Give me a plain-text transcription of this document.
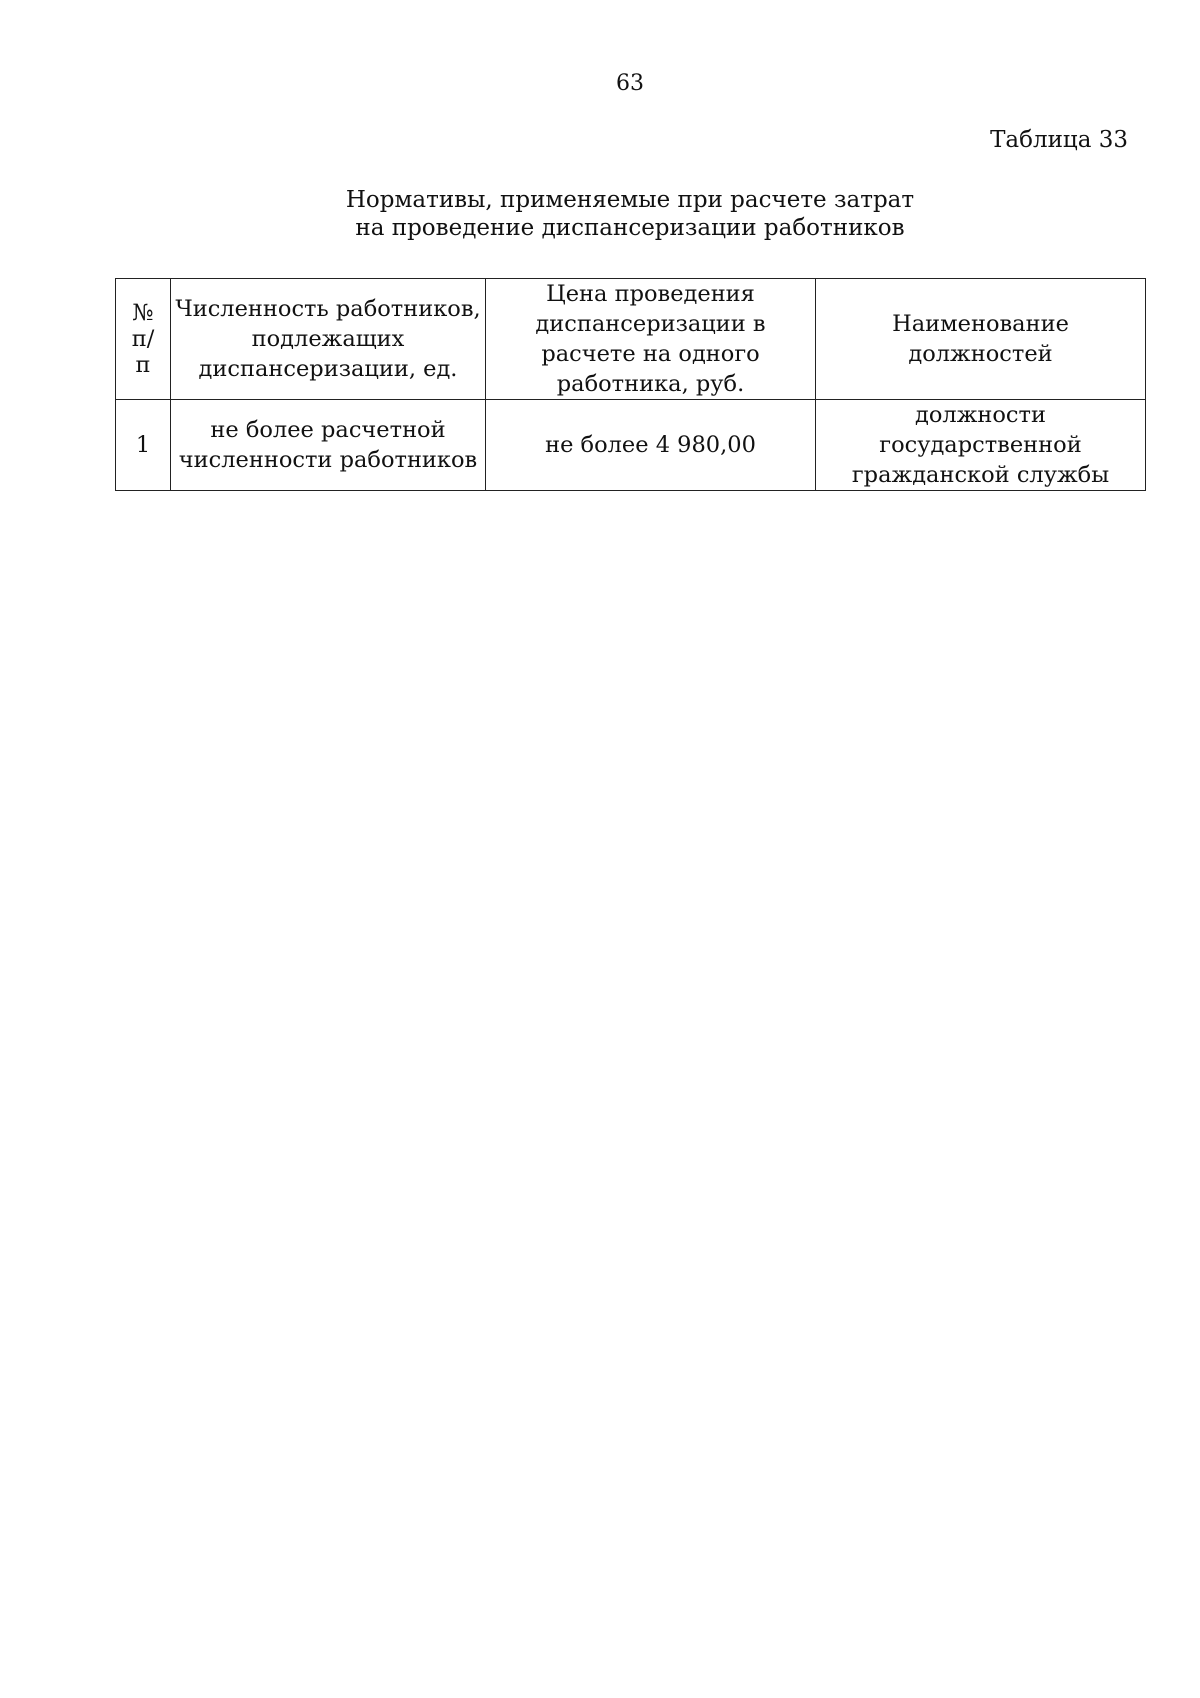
63
Таблица 33
Нормативы, применяемые при расчете затрат
на проведение диспансеризации работников
№
п/
п	Численность работников, подлежащих диспансеризации, ед.	Цена проведения диспансеризации в расчете на одного работника, руб.	Наименование должностей
1	не более расчетной численности работников	не более 4 980,00	должности государственной гражданской службы
